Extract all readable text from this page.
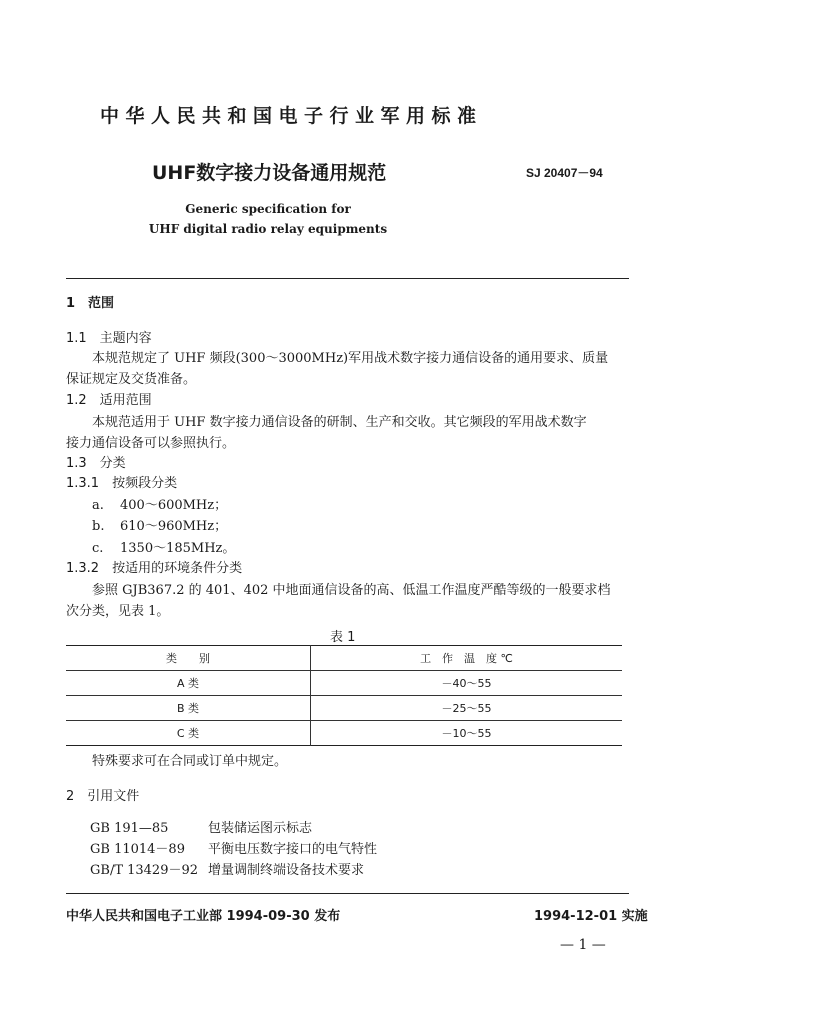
中华人民共和国电子行业军用标准
UHF数字接力设备通用规范	SJ 20407－94
Generic specification for
UHF digital radio relay equipments
1　范围
1.1　主题内容
本规范规定了 UHF 频段(300～3000MHz)军用战术数字接力通信设备的通用要求、质量
保证规定及交货准备。
1.2　适用范围
本规范适用于 UHF 数字接力通信设备的研制、生产和交收。其它频段的军用战术数字
接力通信设备可以参照执行。
1.3　分类
1.3.1　按频段分类
a. 400～600MHz；
b. 610～960MHz；
c. 1350～185MHz。
1.3.2　按适用的环境条件分类
参照 GJB367.2 的 401、402 中地面通信设备的高、低温工作温度严酷等级的一般要求档
次分类，见表 1。
表 1
类　　别	工　作　温　度 ℃
A 类	－40～55
B 类	－25～55
C 类	－10～55
特殊要求可在合同或订单中规定。
2　引用文件
GB 191—85	包装储运图示标志
GB 11014－89 平衡电压数字接口的电气特性
GB/T 13429－92 增量调制终端设备技术要求
中华人民共和国电子工业部 1994-09-30 发布	1994-12-01 实施
— 1 —
